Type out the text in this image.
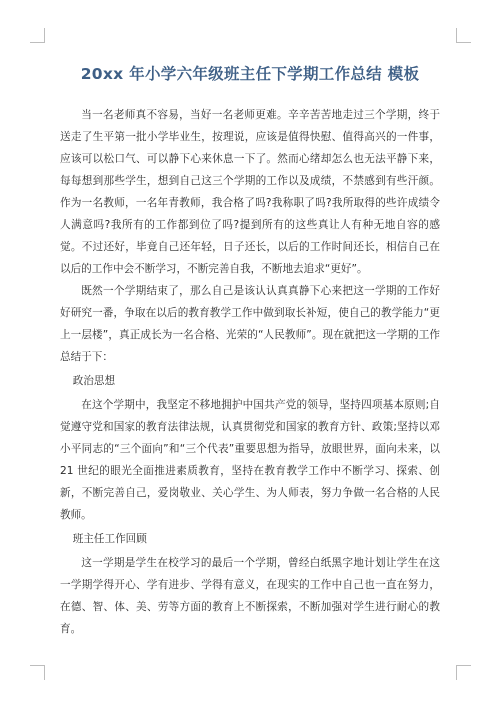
20xx 年小学六年级班主任下学期工作总结 模板

当一名老师真不容易，当好一名老师更难。辛辛苦苦地走过三个学期，终于送走了生平第一批小学毕业生，按理说，应该是值得快慰、值得高兴的一件事，应该可以松口气、可以静下心来休息一下了。然而心绪却怎么也无法平静下来，每每想到那些学生，想到自己这三个学期的工作以及成绩，不禁感到有些汗颜。作为一名教师，一名年青教师，我合格了吗?我称职了吗?我所取得的些许成绩令人满意吗?我所有的工作都到位了吗?提到所有的这些真让人有种无地自容的感觉。不过还好，毕竟自己还年轻，日子还长，以后的工作时间还长，相信自己在以后的工作中会不断学习，不断完善自我，不断地去追求“更好”。

既然一个学期结束了，那么自己是该认认真真静下心来把这一学期的工作好好研究一番，争取在以后的教育教学工作中做到取长补短，使自己的教学能力“更上一层楼”，真正成长为一名合格、光荣的“人民教师”。现在就把这一学期的工作总结于下：

政治思想

在这个学期中，我坚定不移地拥护中国共产党的领导，坚持四项基本原则;自觉遵守党和国家的教育法律法规，认真贯彻党和国家的教育方针、政策;坚持以邓小平同志的“三个面向”和“三个代表”重要思想为指导，放眼世界，面向未来，以 21 世纪的眼光全面推进素质教育，坚持在教育教学工作中不断学习、探索、创新，不断完善自己，爱岗敬业、关心学生、为人师表，努力争做一名合格的人民教师。

班主任工作回顾

这一学期是学生在校学习的最后一个学期，曾经白纸黑字地计划让学生在这一学期学得开心、学有进步、学得有意义，在现实的工作中自己也一直在努力，在德、智、体、美、劳等方面的教育上不断探索，不断加强对学生进行耐心的教育。
